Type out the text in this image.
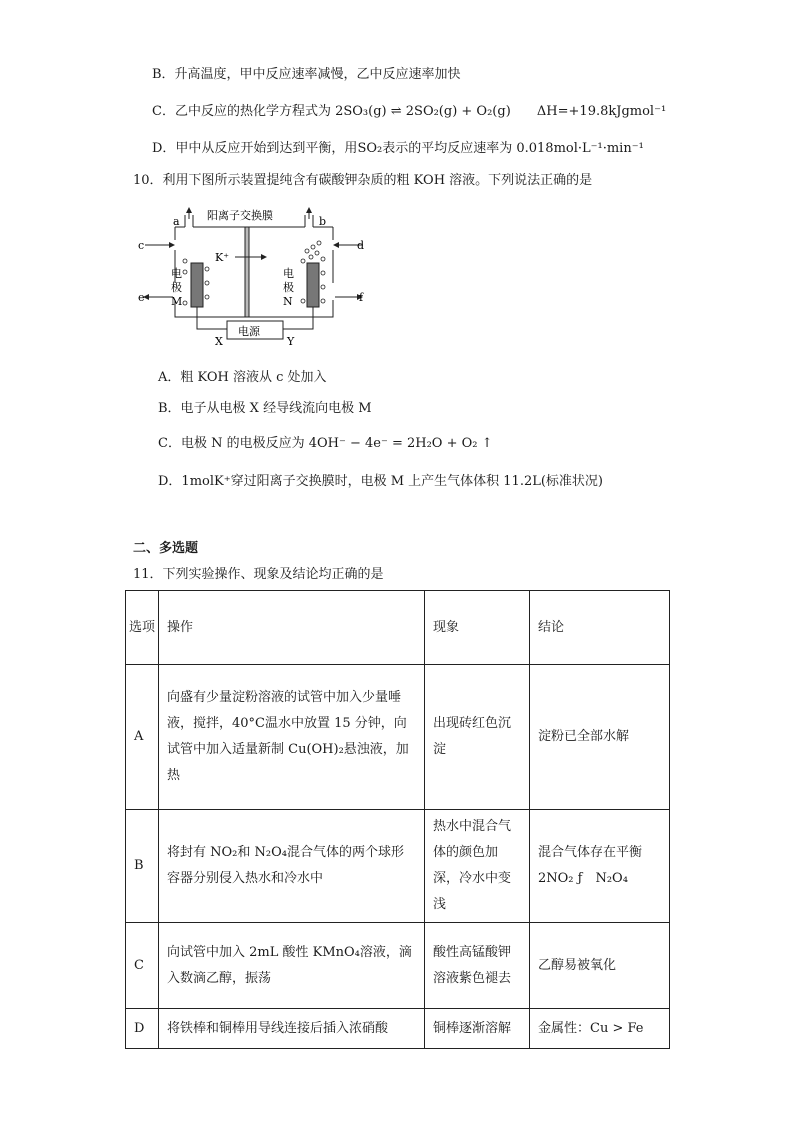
B．升高温度，甲中反应速率减慢，乙中反应速率加快
C．乙中反应的热化学方程式为 2SO₃(g) ⇌ 2SO₂(g) + O₂(g) ΔH=+19.8kJgmol⁻¹
D．甲中从反应开始到达到平衡，用SO₂表示的平均反应速率为 0.018mol·L⁻¹·min⁻¹
10．利用下图所示装置提纯含有碳酸钾杂质的粗 KOH 溶液。下列说法正确的是
阳离子交换膜
a	b
c	d
e	f
K⁺
电
极
M
电
极
N
电源
X	Y
A．粗 KOH 溶液从 c 处加入
B．电子从电极 X 经导线流向电极 M
C．电极 N 的电极反应为 4OH⁻ − 4e⁻ = 2H₂O + O₂ ↑
D．1molK⁺穿过阳离子交换膜时，电极 M 上产生气体体积 11.2L(标准状况)
二、多选题
11．下列实验操作、现象及结论均正确的是
选项	操作	现象	结论
A	向盛有少量淀粉溶液的试管中加入少量唾液，搅拌，40°C温水中放置 15 分钟，向试管中加入适量新制 Cu(OH)₂悬浊液，加热	出现砖红色沉淀	淀粉已全部水解
B	将封有 NO₂和 N₂O₄混合气体的两个球形容器分别侵入热水和冷水中	热水中混合气体的颜色加深，冷水中变浅	混合气体存在平衡 2NO₂ ƒ　N₂O₄
C	向试管中加入 2mL 酸性 KMnO₄溶液，滴入数滴乙醇，振荡	酸性高锰酸钾溶液紫色褪去	乙醇易被氧化
D	将铁棒和铜棒用导线连接后插入浓硝酸	铜棒逐渐溶解	金属性：Cu > Fe
